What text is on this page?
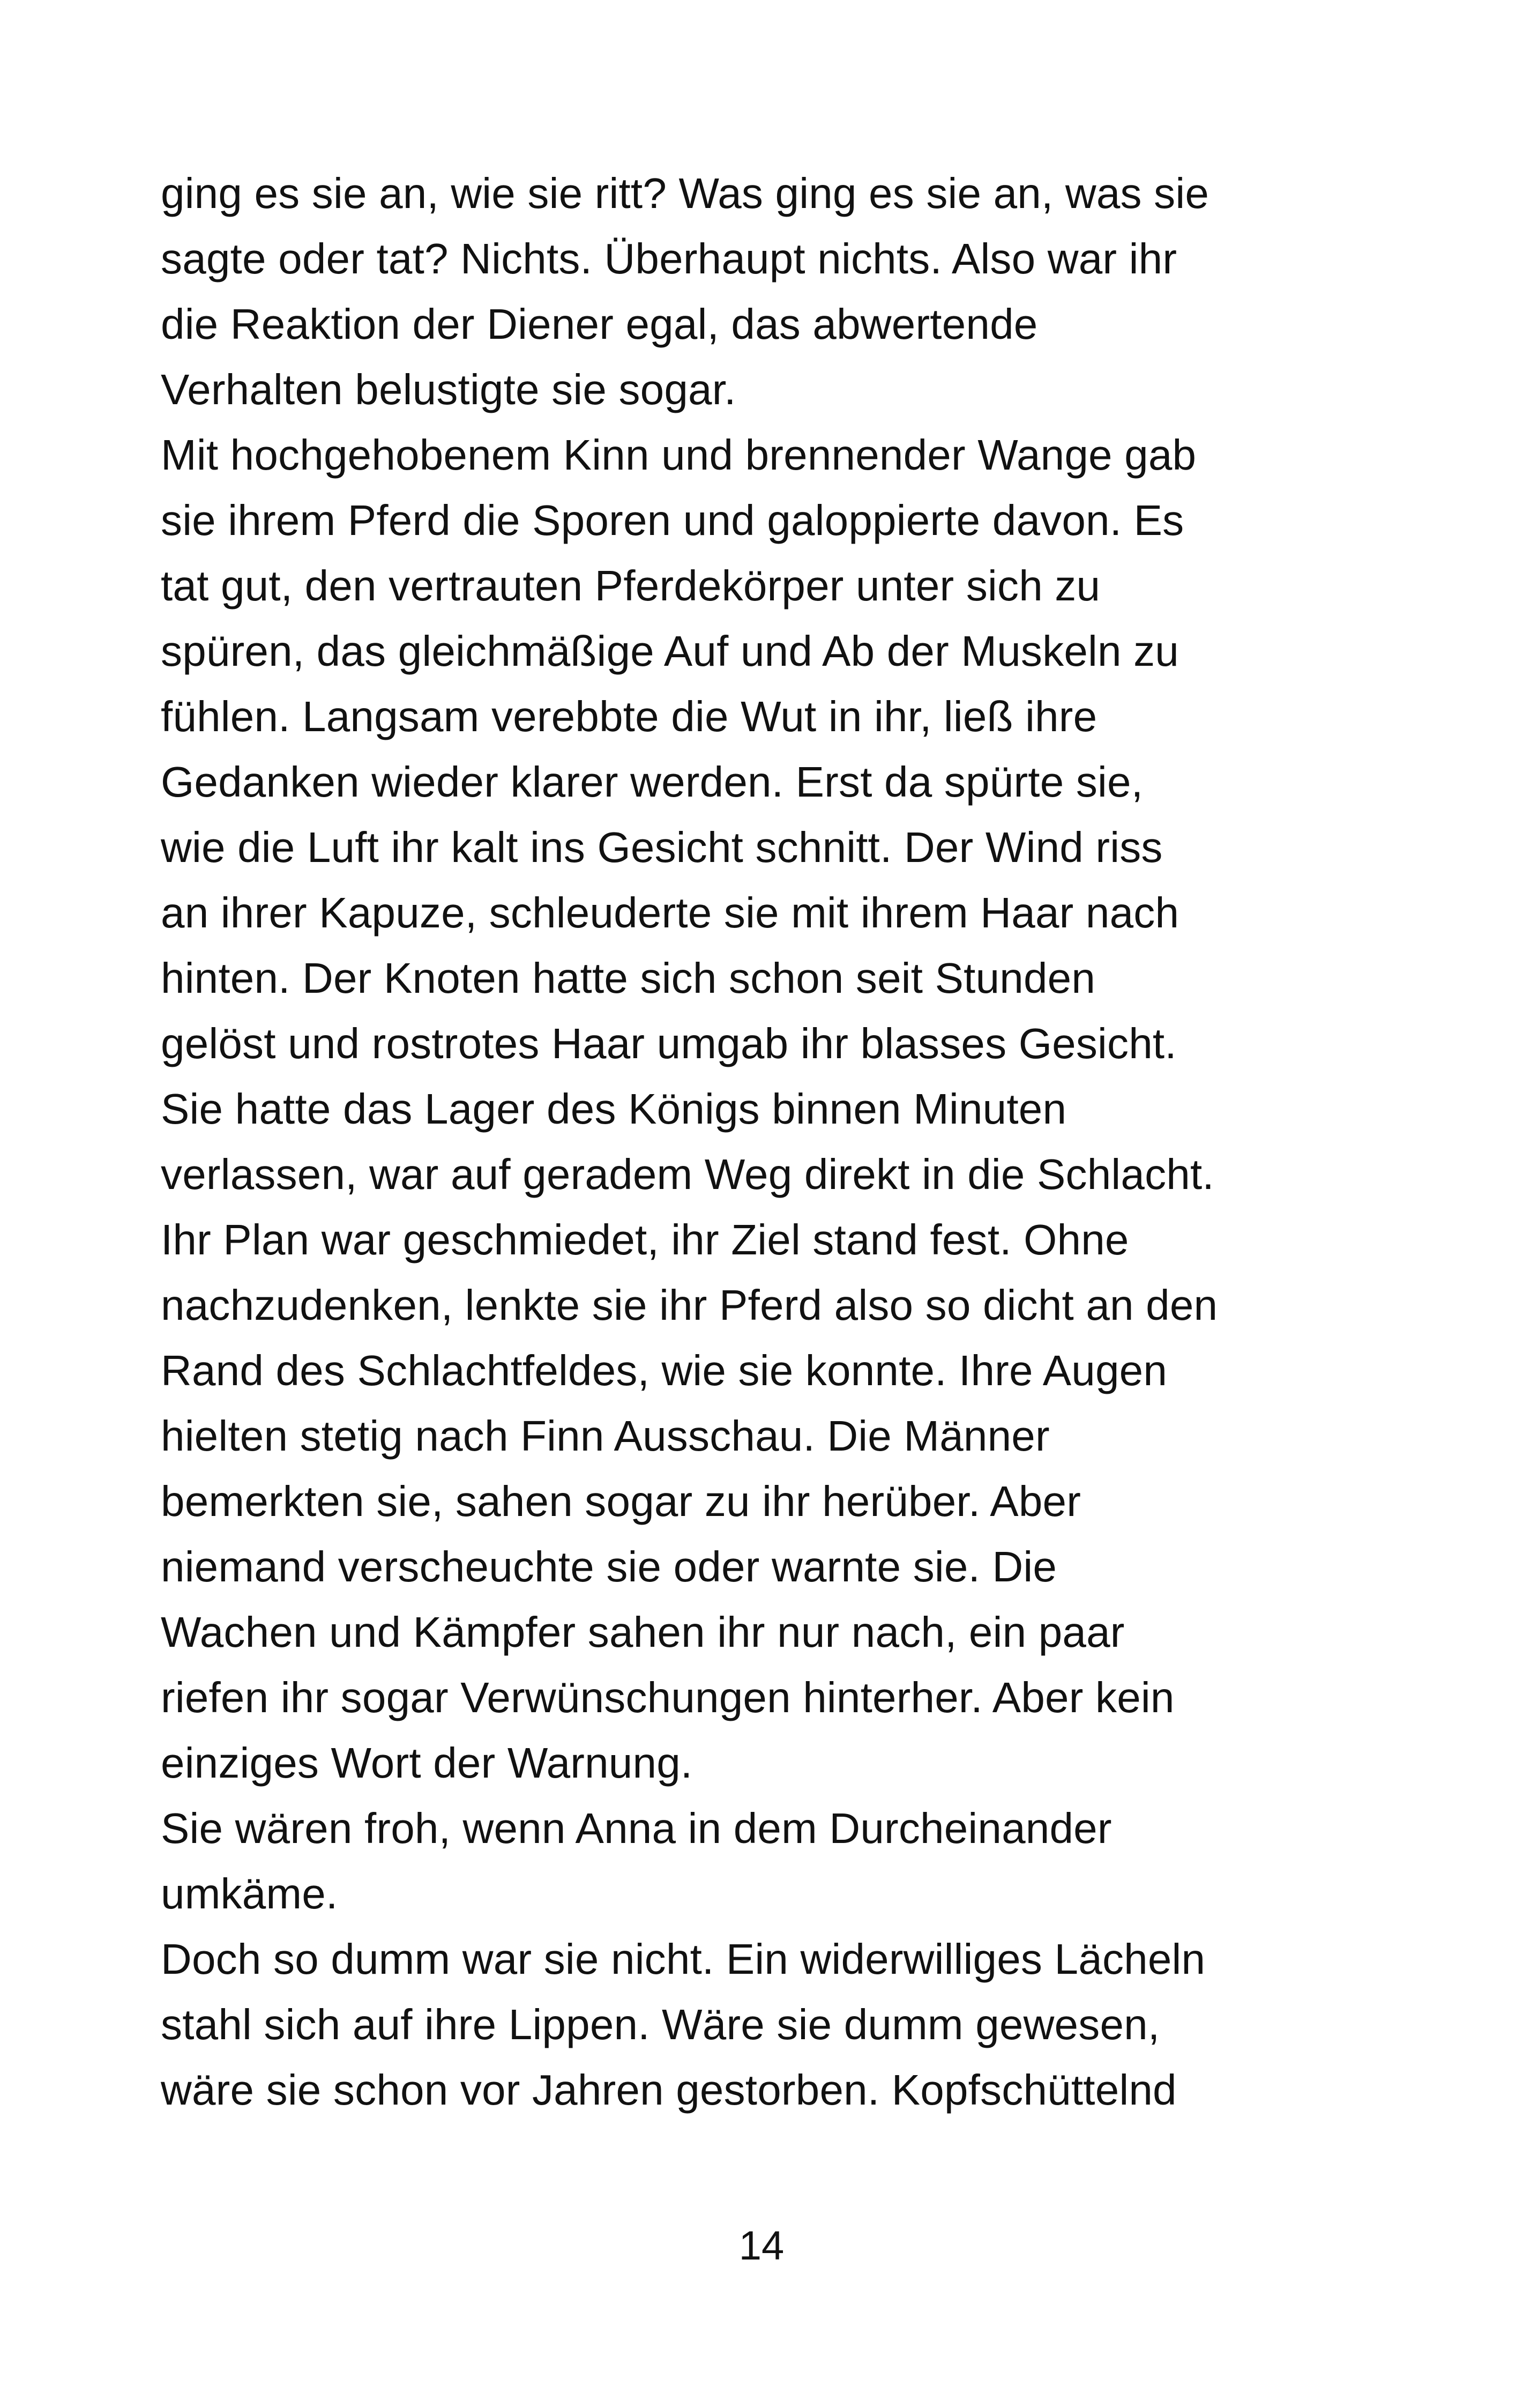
ging es sie an, wie sie ritt? Was ging es sie an, was sie
sagte oder tat? Nichts. Überhaupt nichts. Also war ihr
die Reaktion der Diener egal, das abwertende
Verhalten belustigte sie sogar.
Mit hochgehobenem Kinn und brennender Wange gab
sie ihrem Pferd die Sporen und galoppierte davon. Es
tat gut, den vertrauten Pferdekörper unter sich zu
spüren, das gleichmäßige Auf und Ab der Muskeln zu
fühlen. Langsam verebbte die Wut in ihr, ließ ihre
Gedanken wieder klarer werden. Erst da spürte sie,
wie die Luft ihr kalt ins Gesicht schnitt. Der Wind riss
an ihrer Kapuze, schleuderte sie mit ihrem Haar nach
hinten. Der Knoten hatte sich schon seit Stunden
gelöst und rostrotes Haar umgab ihr blasses Gesicht.
Sie hatte das Lager des Königs binnen Minuten
verlassen, war auf geradem Weg direkt in die Schlacht.
Ihr Plan war geschmiedet, ihr Ziel stand fest. Ohne
nachzudenken, lenkte sie ihr Pferd also so dicht an den
Rand des Schlachtfeldes, wie sie konnte. Ihre Augen
hielten stetig nach Finn Ausschau. Die Männer
bemerkten sie, sahen sogar zu ihr herüber. Aber
niemand verscheuchte sie oder warnte sie. Die
Wachen und Kämpfer sahen ihr nur nach, ein paar
riefen ihr sogar Verwünschungen hinterher. Aber kein
einziges Wort der Warnung.
Sie wären froh, wenn Anna in dem Durcheinander
umkäme.
Doch so dumm war sie nicht. Ein widerwilliges Lächeln
stahl sich auf ihre Lippen. Wäre sie dumm gewesen,
wäre sie schon vor Jahren gestorben. Kopfschüttelnd
14
